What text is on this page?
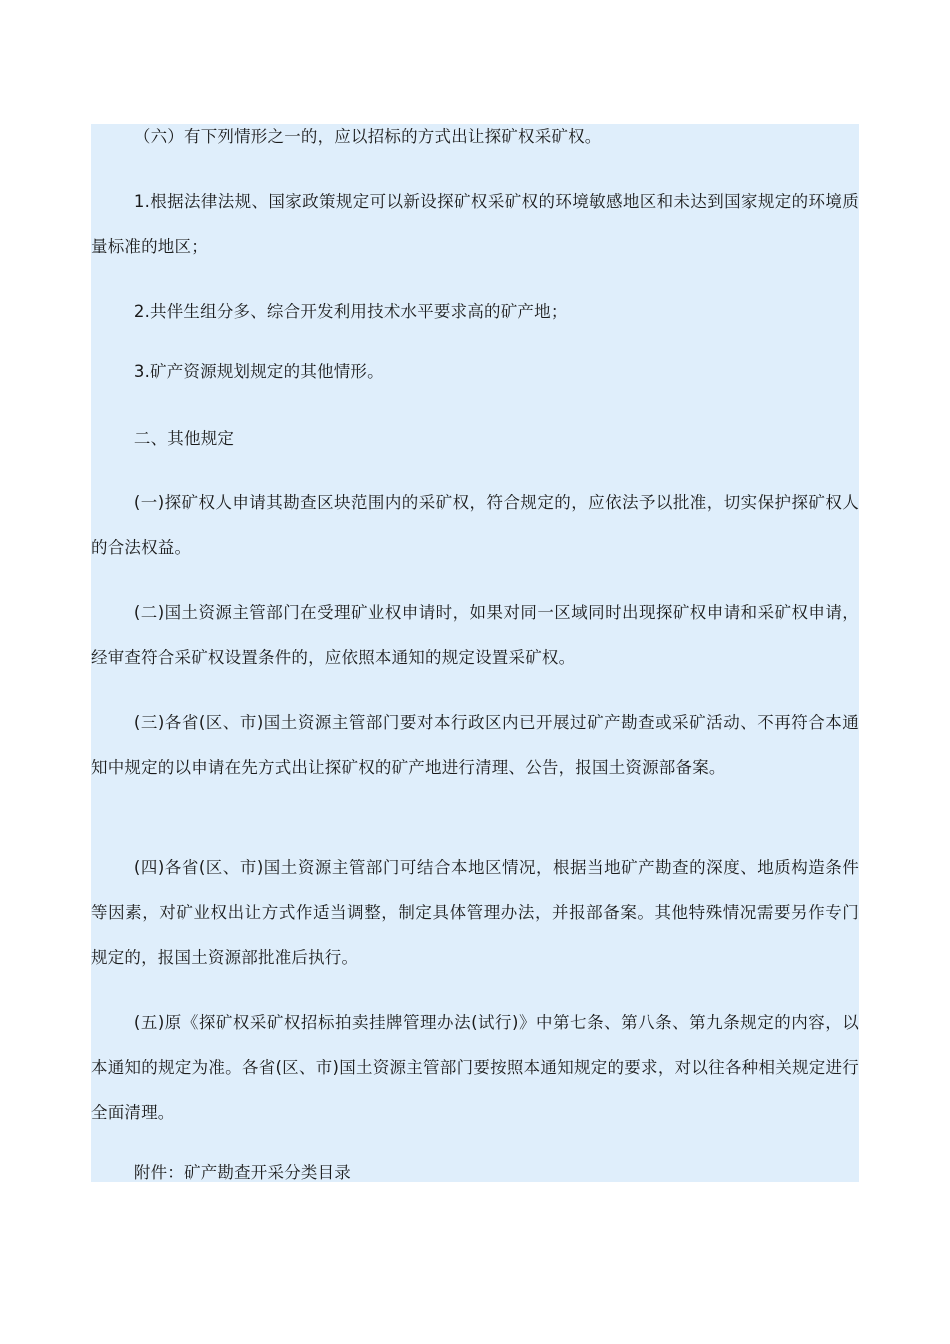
（六）有下列情形之一的，应以招标的方式出让探矿权采矿权。

1.根据法律法规、国家政策规定可以新设探矿权采矿权的环境敏感地区和未达到国家规定的环境质量标准的地区；

2.共伴生组分多、综合开发利用技术水平要求高的矿产地；

3.矿产资源规划规定的其他情形。

二、其他规定

(一)探矿权人申请其勘查区块范围内的采矿权，符合规定的，应依法予以批准，切实保护探矿权人的合法权益。

(二)国土资源主管部门在受理矿业权申请时，如果对同一区域同时出现探矿权申请和采矿权申请，经审查符合采矿权设置条件的，应依照本通知的规定设置采矿权。

(三)各省(区、市)国土资源主管部门要对本行政区内已开展过矿产勘查或采矿活动、不再符合本通知中规定的以申请在先方式出让探矿权的矿产地进行清理、公告，报国土资源部备案。

(四)各省(区、市)国土资源主管部门可结合本地区情况，根据当地矿产勘查的深度、地质构造条件等因素，对矿业权出让方式作适当调整，制定具体管理办法，并报部备案。其他特殊情况需要另作专门规定的，报国土资源部批准后执行。

(五)原《探矿权采矿权招标拍卖挂牌管理办法(试行)》中第七条、第八条、第九条规定的内容，以本通知的规定为准。各省(区、市)国土资源主管部门要按照本通知规定的要求，对以往各种相关规定进行全面清理。

附件：矿产勘查开采分类目录
